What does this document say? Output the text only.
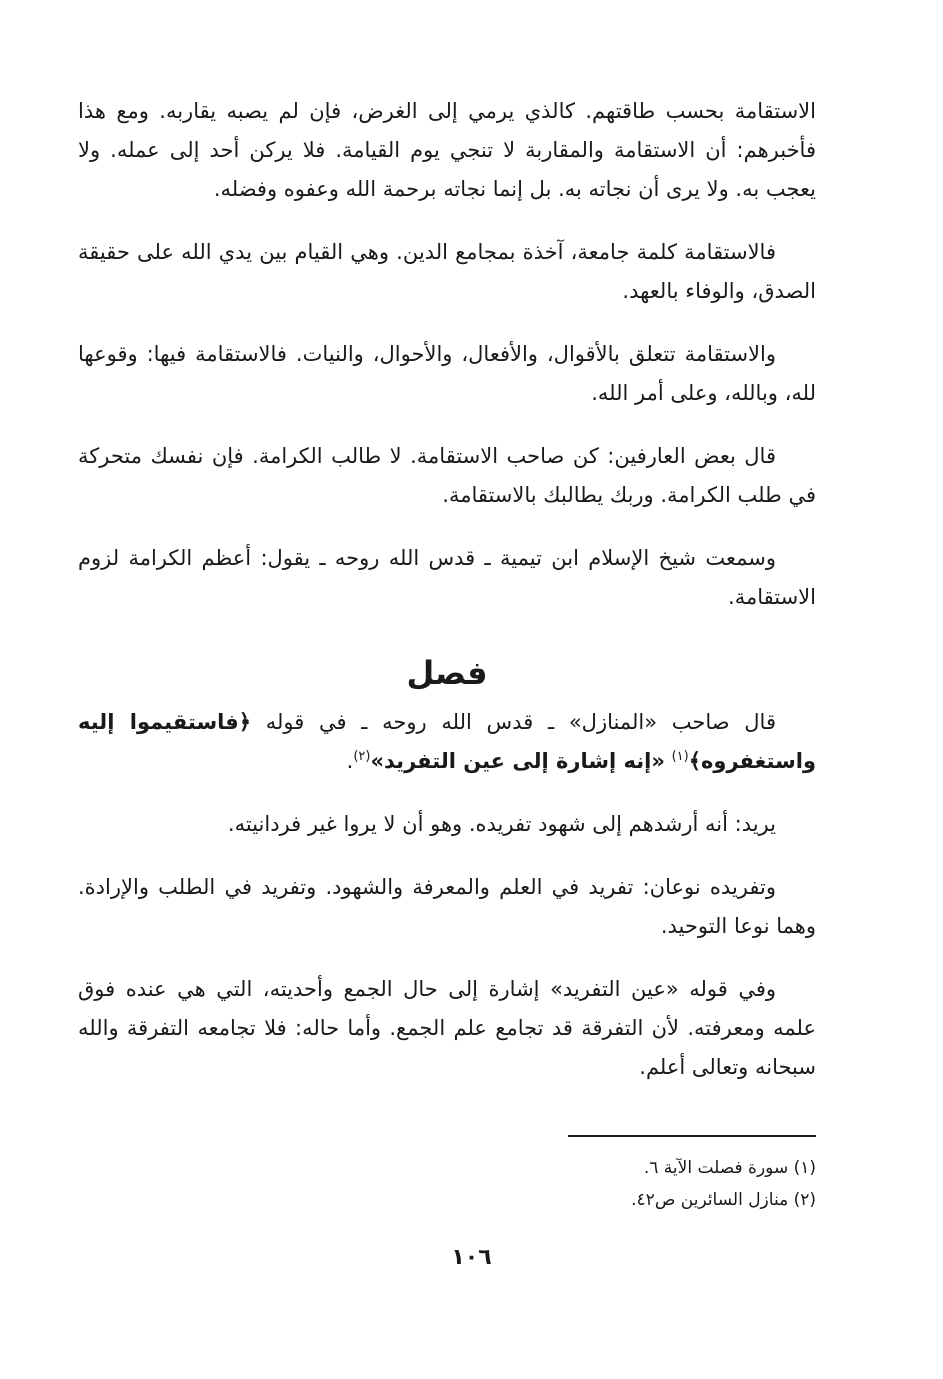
الاستقامة بحسب طاقتهم. كالذي يرمي إلى الغرض، فإن لم يصبه يقاربه. ومع هذا فأخبرهم: أن الاستقامة والمقاربة لا تنجي يوم القيامة. فلا يركن أحد إلى عمله. ولا يعجب به. ولا يرى أن نجاته به. بل إنما نجاته برحمة الله وعفوه وفضله.

فالاستقامة كلمة جامعة، آخذة بمجامع الدين. وهي القيام بين يدي الله على حقيقة الصدق، والوفاء بالعهد.

والاستقامة تتعلق بالأقوال، والأفعال، والأحوال، والنيات. فالاستقامة فيها: وقوعها لله، وبالله، وعلى أمر الله.

قال بعض العارفين: كن صاحب الاستقامة. لا طالب الكرامة. فإن نفسك متحركة في طلب الكرامة. وربك يطالبك بالاستقامة.

وسمعت شيخ الإسلام ابن تيمية ـ قدس الله روحه ـ يقول: أعظم الكرامة لزوم الاستقامة.

فصل

قال صاحب «المنازل» ـ قدس الله روحه ـ في قوله ﴿فاستقيموا إليه واستغفروه﴾$^{(١)}$ «إنه إشارة إلى عين التفريد»$^{(٢)}$.

يريد: أنه أرشدهم إلى شهود تفريده. وهو أن لا يروا غير فردانيته.

وتفريده نوعان: تفريد في العلم والمعرفة والشهود. وتفريد في الطلب والإرادة. وهما نوعا التوحيد.

وفي قوله «عين التفريد» إشارة إلى حال الجمع وأحديته، التي هي عنده فوق علمه ومعرفته. لأن التفرقة قد تجامع علم الجمع. وأما حاله: فلا تجامعه التفرقة والله سبحانه وتعالى أعلم.

(١) سورة فصلت الآية ٦.
(٢) منازل السائرين ص٤٢.
١٠٦
